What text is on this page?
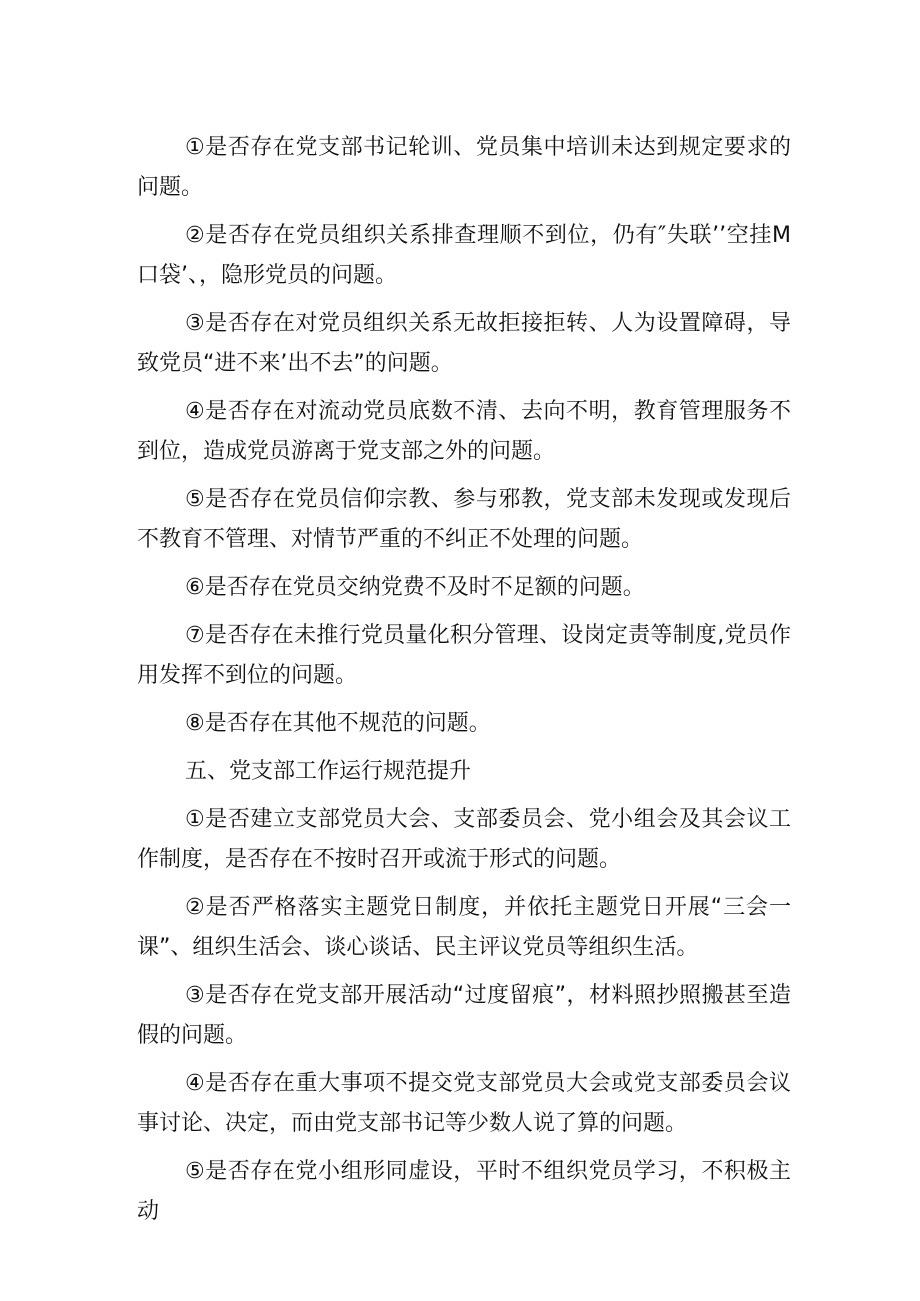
①是否存在党支部书记轮训、党员集中培训未达到规定要求的问题。

②是否存在党员组织关系排查理顺不到位，仍有″失联’’空挂M口袋’、，隐形党员的问题。

③是否存在对党员组织关系无故拒接拒转、人为设置障碍，导致党员“进不来’出不去”的问题。

④是否存在对流动党员底数不清、去向不明，教育管理服务不到位，造成党员游离于党支部之外的问题。

⑤是否存在党员信仰宗教、参与邪教，党支部未发现或发现后不教育不管理、对情节严重的不纠正不处理的问题。

⑥是否存在党员交纳党费不及时不足额的问题。

⑦是否存在未推行党员量化积分管理、设岗定责等制度,党员作用发挥不到位的问题。

⑧是否存在其他不规范的问题。

五、党支部工作运行规范提升

①是否建立支部党员大会、支部委员会、党小组会及其会议工作制度，是否存在不按时召开或流于形式的问题。

②是否严格落实主题党日制度，并依托主题党日开展“三会一课”、组织生活会、谈心谈话、民主评议党员等组织生活。

③是否存在党支部开展活动“过度留痕”，材料照抄照搬甚至造假的问题。

④是否存在重大事项不提交党支部党员大会或党支部委员会议事讨论、决定，而由党支部书记等少数人说了算的问题。

⑤是否存在党小组形同虚设，平时不组织党员学习，不积极主动
